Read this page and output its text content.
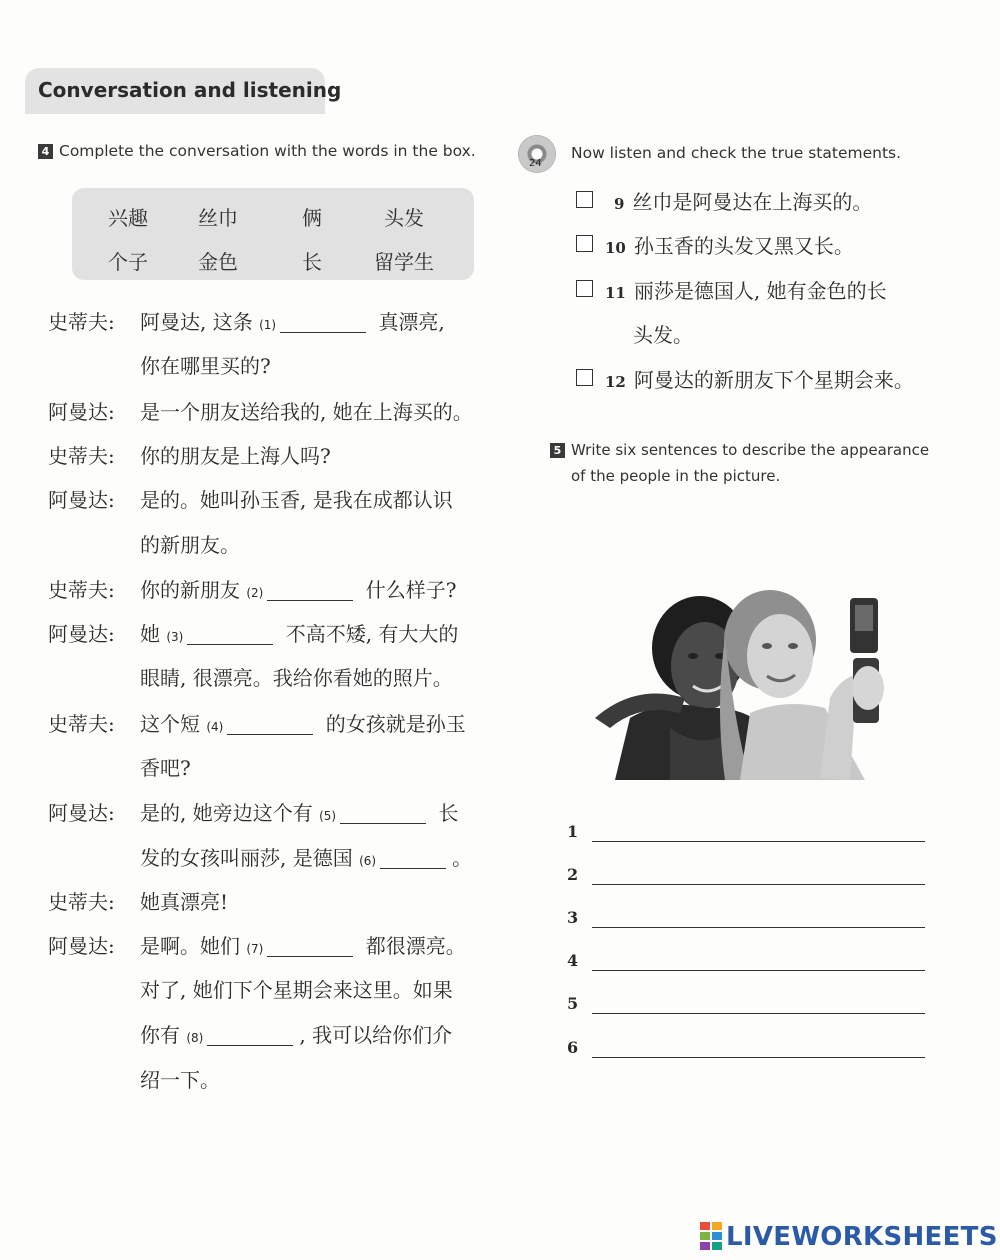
Conversation and listening
4 Complete the conversation with the words in the box.
兴趣	丝巾	俩	头发
个子	金色	长	留学生
史蒂夫: 阿曼达, 这条 (1)	真漂亮,
你在哪里买的?
阿曼达: 是一个朋友送给我的, 她在上海买的。
史蒂夫: 你的朋友是上海人吗?
阿曼达: 是的。她叫孙玉香, 是我在成都认识
的新朋友。
史蒂夫: 你的新朋友 (2)	什么样子?
阿曼达: 她 (3)	不高不矮, 有大大的
眼睛, 很漂亮。我给你看她的照片。
史蒂夫: 这个短 (4)	的女孩就是孙玉
香吧?
阿曼达: 是的, 她旁边这个有 (5)	长
发的女孩叫丽莎, 是德国 (6)	。
史蒂夫: 她真漂亮!
阿曼达: 是啊。她们 (7)	都很漂亮。
对了, 她们下个星期会来这里。如果
你有 (8)	, 我可以给你们介
绍一下。
24
Now listen and check the true statements.
9 丝巾是阿曼达在上海买的。
10 孙玉香的头发又黑又长。
11 丽莎是德国人, 她有金色的长
头发。
12 阿曼达的新朋友下个星期会来。
5 Write six sentences to describe the appearance
of the people in the picture.
1
2
3
4
5
6
LIVEWORKSHEETS
